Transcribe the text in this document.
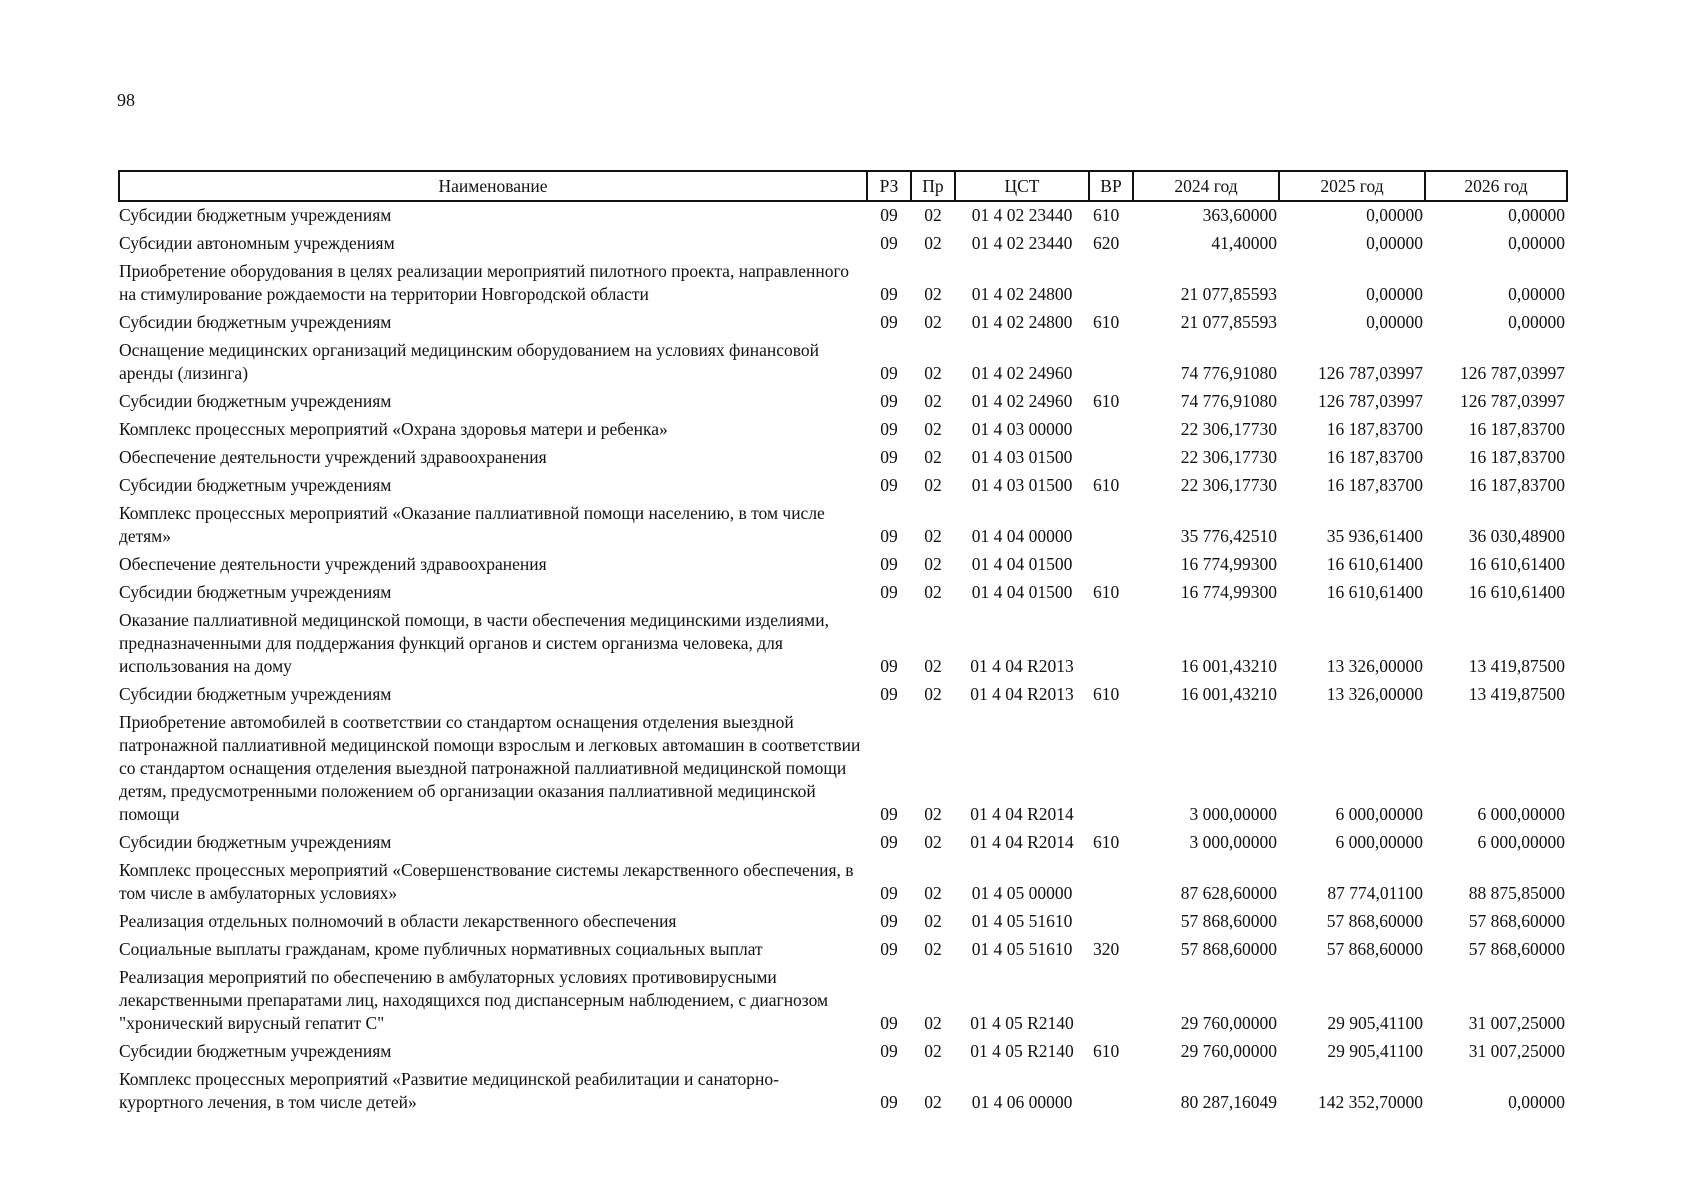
98
Наименование	РЗ	Пр	ЦСТ	ВР	2024 год	2025 год	2026 год
Субсидии бюджетным учреждениям	09	02	01 4 02 23440	610	363,60000	0,00000	0,00000
Субсидии автономным учреждениям	09	02	01 4 02 23440	620	41,40000	0,00000	0,00000
Приобретение оборудования в целях реализации мероприятий пилотного проекта, направленного на стимулирование рождаемости на территории Новгородской области	09	02	01 4 02 24800		21 077,85593	0,00000	0,00000
Субсидии бюджетным учреждениям	09	02	01 4 02 24800	610	21 077,85593	0,00000	0,00000
Оснащение медицинских организаций медицинским оборудованием на условиях финансовой аренды (лизинга)	09	02	01 4 02 24960		74 776,91080	126 787,03997	126 787,03997
Субсидии бюджетным учреждениям	09	02	01 4 02 24960	610	74 776,91080	126 787,03997	126 787,03997
Комплекс процессных мероприятий «Охрана здоровья матери и ребенка»	09	02	01 4 03 00000		22 306,17730	16 187,83700	16 187,83700
Обеспечение деятельности учреждений здравоохранения	09	02	01 4 03 01500		22 306,17730	16 187,83700	16 187,83700
Субсидии бюджетным учреждениям	09	02	01 4 03 01500	610	22 306,17730	16 187,83700	16 187,83700
Комплекс процессных мероприятий «Оказание паллиативной помощи населению, в том числе детям»	09	02	01 4 04 00000		35 776,42510	35 936,61400	36 030,48900
Обеспечение деятельности учреждений здравоохранения	09	02	01 4 04 01500		16 774,99300	16 610,61400	16 610,61400
Субсидии бюджетным учреждениям	09	02	01 4 04 01500	610	16 774,99300	16 610,61400	16 610,61400
Оказание паллиативной медицинской помощи, в части обеспечения медицинскими изделиями, предназначенными для поддержания функций органов и систем организма человека, для использования на дому	09	02	01 4 04 R2013		16 001,43210	13 326,00000	13 419,87500
Субсидии бюджетным учреждениям	09	02	01 4 04 R2013	610	16 001,43210	13 326,00000	13 419,87500
Приобретение автомобилей в соответствии со стандартом оснащения отделения выездной патронажной паллиативной медицинской помощи взрослым и легковых автомашин в соответствии со стандартом оснащения отделения выездной патронажной паллиативной медицинской помощи детям, предусмотренными положением об организации оказания паллиативной медицинской помощи	09	02	01 4 04 R2014		3 000,00000	6 000,00000	6 000,00000
Субсидии бюджетным учреждениям	09	02	01 4 04 R2014	610	3 000,00000	6 000,00000	6 000,00000
Комплекс процессных мероприятий «Совершенствование системы лекарственного обеспечения, в том числе в амбулаторных условиях»	09	02	01 4 05 00000		87 628,60000	87 774,01100	88 875,85000
Реализация отдельных полномочий в области лекарственного обеспечения	09	02	01 4 05 51610		57 868,60000	57 868,60000	57 868,60000
Социальные выплаты гражданам, кроме публичных нормативных социальных выплат	09	02	01 4 05 51610	320	57 868,60000	57 868,60000	57 868,60000
Реализация мероприятий по обеспечению в амбулаторных условиях противовирусными лекарственными препаратами лиц, находящихся под диспансерным наблюдением, с диагнозом "хронический вирусный гепатит С"	09	02	01 4 05 R2140		29 760,00000	29 905,41100	31 007,25000
Субсидии бюджетным учреждениям	09	02	01 4 05 R2140	610	29 760,00000	29 905,41100	31 007,25000
Комплекс процессных мероприятий «Развитие медицинской реабилитации и санаторно-курортного лечения, в том числе детей»	09	02	01 4 06 00000		80 287,16049	142 352,70000	0,00000
